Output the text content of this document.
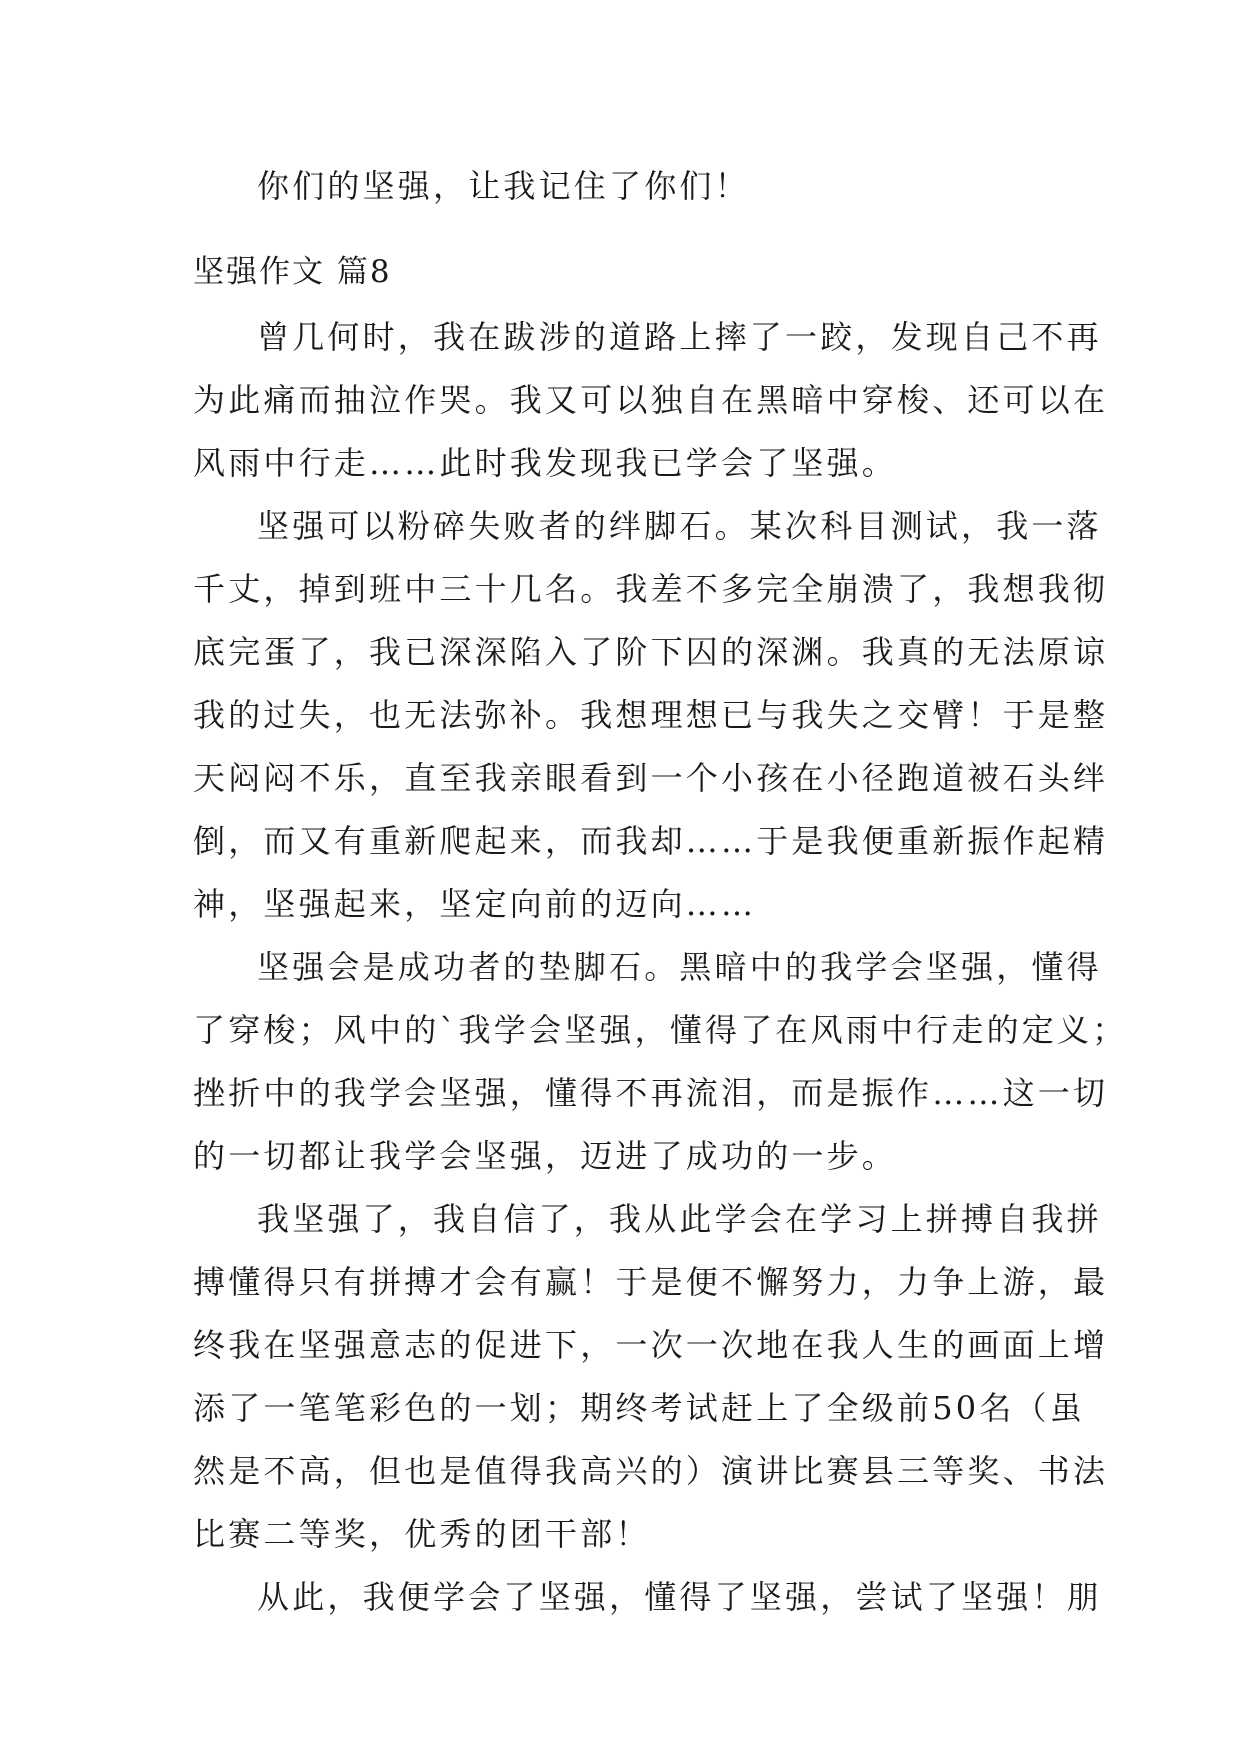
你们的坚强，让我记住了你们！
坚强作文 篇8
曾几何时，我在跋涉的道路上摔了一跤，发现自己不再
为此痛而抽泣作哭。我又可以独自在黑暗中穿梭、还可以在
风雨中行走……此时我发现我已学会了坚强。
坚强可以粉碎失败者的绊脚石。某次科目测试，我一落
千丈，掉到班中三十几名。我差不多完全崩溃了，我想我彻
底完蛋了，我已深深陷入了阶下囚的深渊。我真的无法原谅
我的过失，也无法弥补。我想理想已与我失之交臂！于是整
天闷闷不乐，直至我亲眼看到一个小孩在小径跑道被石头绊
倒，而又有重新爬起来，而我却……于是我便重新振作起精
神，坚强起来，坚定向前的迈向……
坚强会是成功者的垫脚石。黑暗中的我学会坚强，懂得
了穿梭；风中的`我学会坚强，懂得了在风雨中行走的定义；
挫折中的我学会坚强，懂得不再流泪，而是振作……这一切
的一切都让我学会坚强，迈进了成功的一步。
我坚强了，我自信了，我从此学会在学习上拼搏自我拼
搏懂得只有拼搏才会有赢！于是便不懈努力，力争上游，最
终我在坚强意志的促进下，一次一次地在我人生的画面上增
添了一笔笔彩色的一划；期终考试赶上了全级前50名（虽
然是不高，但也是值得我高兴的）演讲比赛县三等奖、书法
比赛二等奖，优秀的团干部！
从此，我便学会了坚强，懂得了坚强，尝试了坚强！朋
